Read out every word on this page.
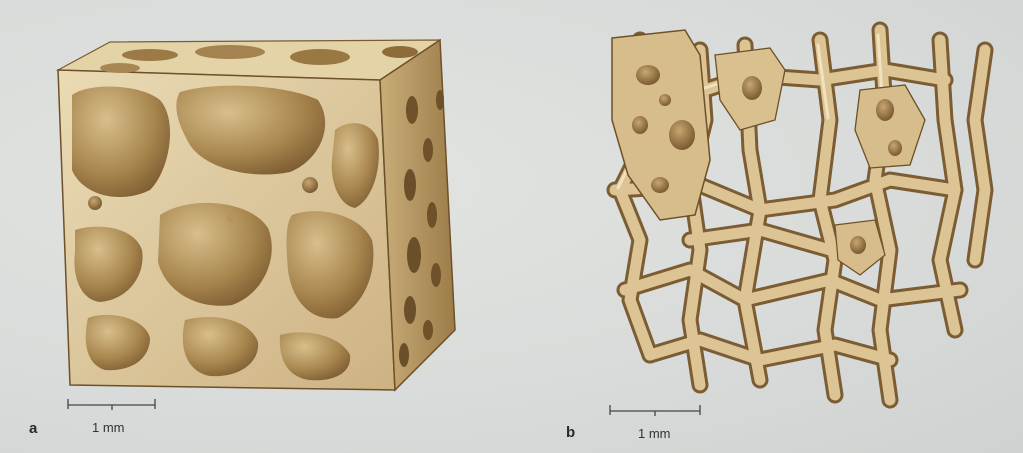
a	1 mm	b	1 mm
